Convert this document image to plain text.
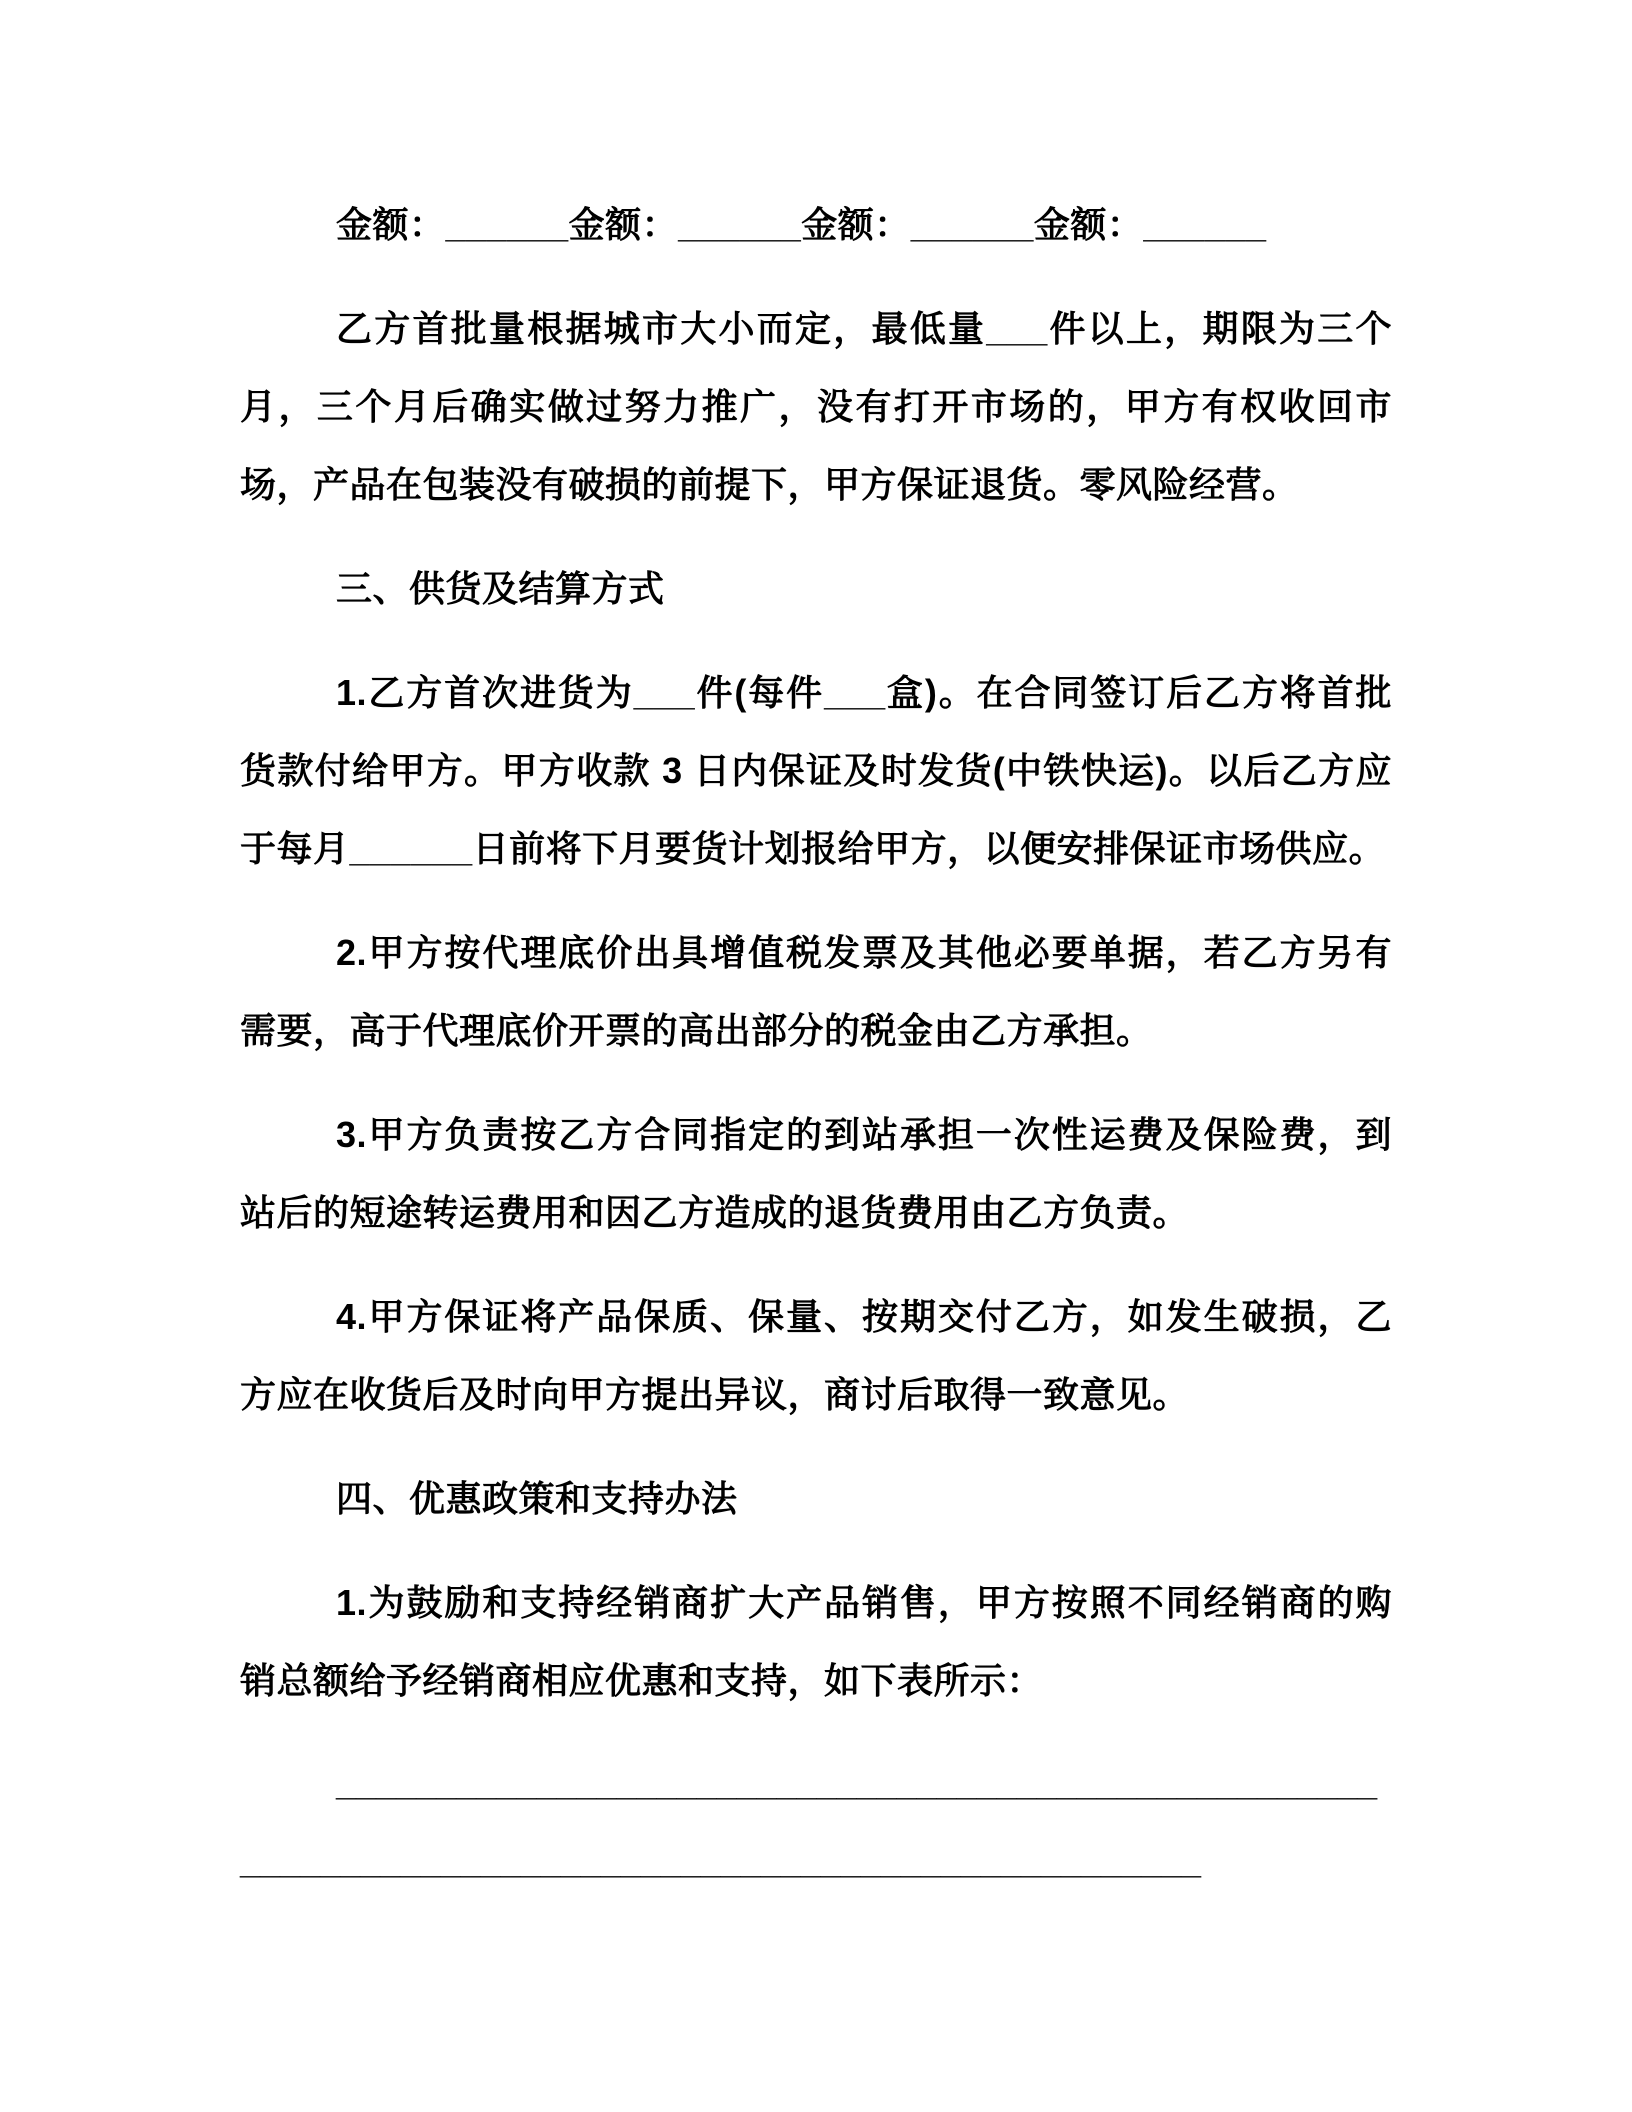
金额：______金额：______金额：______金额：______
乙方首批量根据城市大小而定，最低量___件以上，期限为三个
月，三个月后确实做过努力推广，没有打开市场的，甲方有权收回市
场，产品在包装没有破损的前提下，甲方保证退货。零风险经营。
三、供货及结算方式
1.乙方首次进货为___件(每件___盒)。在合同签订后乙方将首批
货款付给甲方。甲方收款 3 日内保证及时发货(中铁快运)。以后乙方应
于每月______日前将下月要货计划报给甲方，以便安排保证市场供应。
2.甲方按代理底价出具增值税发票及其他必要单据，若乙方另有
需要，高于代理底价开票的高出部分的税金由乙方承担。
3.甲方负责按乙方合同指定的到站承担一次性运费及保险费，到
站后的短途转运费用和因乙方造成的退货费用由乙方负责。
4.甲方保证将产品保质、保量、按期交付乙方，如发生破损，乙
方应在收货后及时向甲方提出异议，商讨后取得一致意见。
四、优惠政策和支持办法
1.为鼓励和支持经销商扩大产品销售，甲方按照不同经销商的购
销总额给予经销商相应优惠和支持，如下表所示：
____________________________________________________
________________________________________________
